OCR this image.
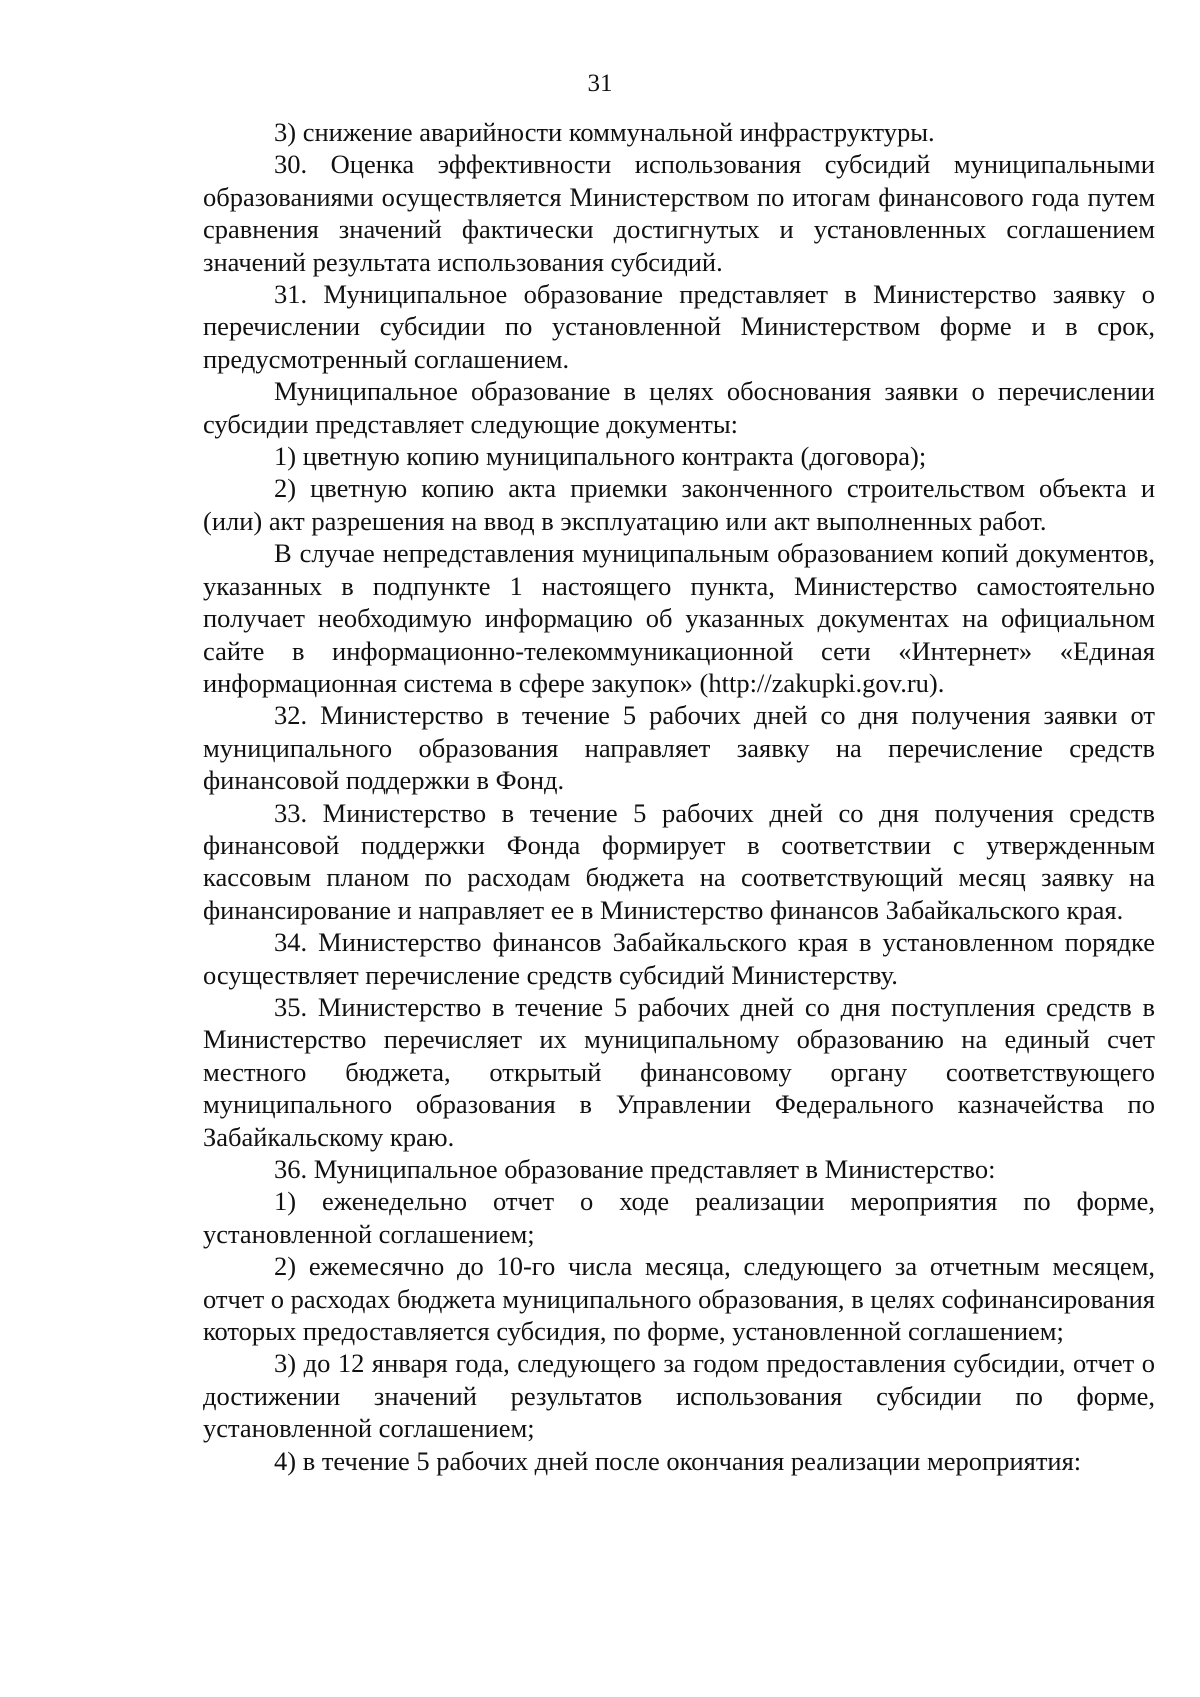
31

3) снижение аварийности коммунальной инфраструктуры.

30. Оценка эффективности использования субсидий муниципальными образованиями осуществляется Министерством по итогам финансового года путем сравнения значений фактически достигнутых и установленных соглашением значений результата использования субсидий.

31. Муниципальное образование представляет в Министерство заявку о перечислении субсидии по установленной Министерством форме и в срок, предусмотренный соглашением.

Муниципальное образование в целях обоснования заявки о перечислении субсидии представляет следующие документы:

1) цветную копию муниципального контракта (договора);

2) цветную копию акта приемки законченного строительством объекта и (или) акт разрешения на ввод в эксплуатацию или акт выполненных работ.

В случае непредставления муниципальным образованием копий документов, указанных в подпункте 1 настоящего пункта, Министерство самостоятельно получает необходимую информацию об указанных документах на официальном сайте в информационно-телекоммуникационной сети «Интернет» «Единая информационная система в сфере закупок» (http://zakupki.gov.ru).

32. Министерство в течение 5 рабочих дней со дня получения заявки от муниципального образования направляет заявку на перечисление средств финансовой поддержки в Фонд.

33. Министерство в течение 5 рабочих дней со дня получения средств финансовой поддержки Фонда формирует в соответствии с утвержденным кассовым планом по расходам бюджета на соответствующий месяц заявку на финансирование и направляет ее в Министерство финансов Забайкальского края.

34. Министерство финансов Забайкальского края в установленном порядке осуществляет перечисление средств субсидий Министерству.

35. Министерство в течение 5 рабочих дней со дня поступления средств в Министерство перечисляет их муниципальному образованию на единый счет местного бюджета, открытый финансовому органу соответствующего муниципального образования в Управлении Федерального казначейства по Забайкальскому краю.

36. Муниципальное образование представляет в Министерство:

1) еженедельно отчет о ходе реализации мероприятия по форме, установленной соглашением;

2) ежемесячно до 10-го числа месяца, следующего за отчетным месяцем, отчет о расходах бюджета муниципального образования, в целях софинансирования которых предоставляется субсидия, по форме, установленной соглашением;

3) до 12 января года, следующего за годом предоставления субсидии, отчет о достижении значений результатов использования субсидии по форме, установленной соглашением;

4) в течение 5 рабочих дней после окончания реализации мероприятия:
